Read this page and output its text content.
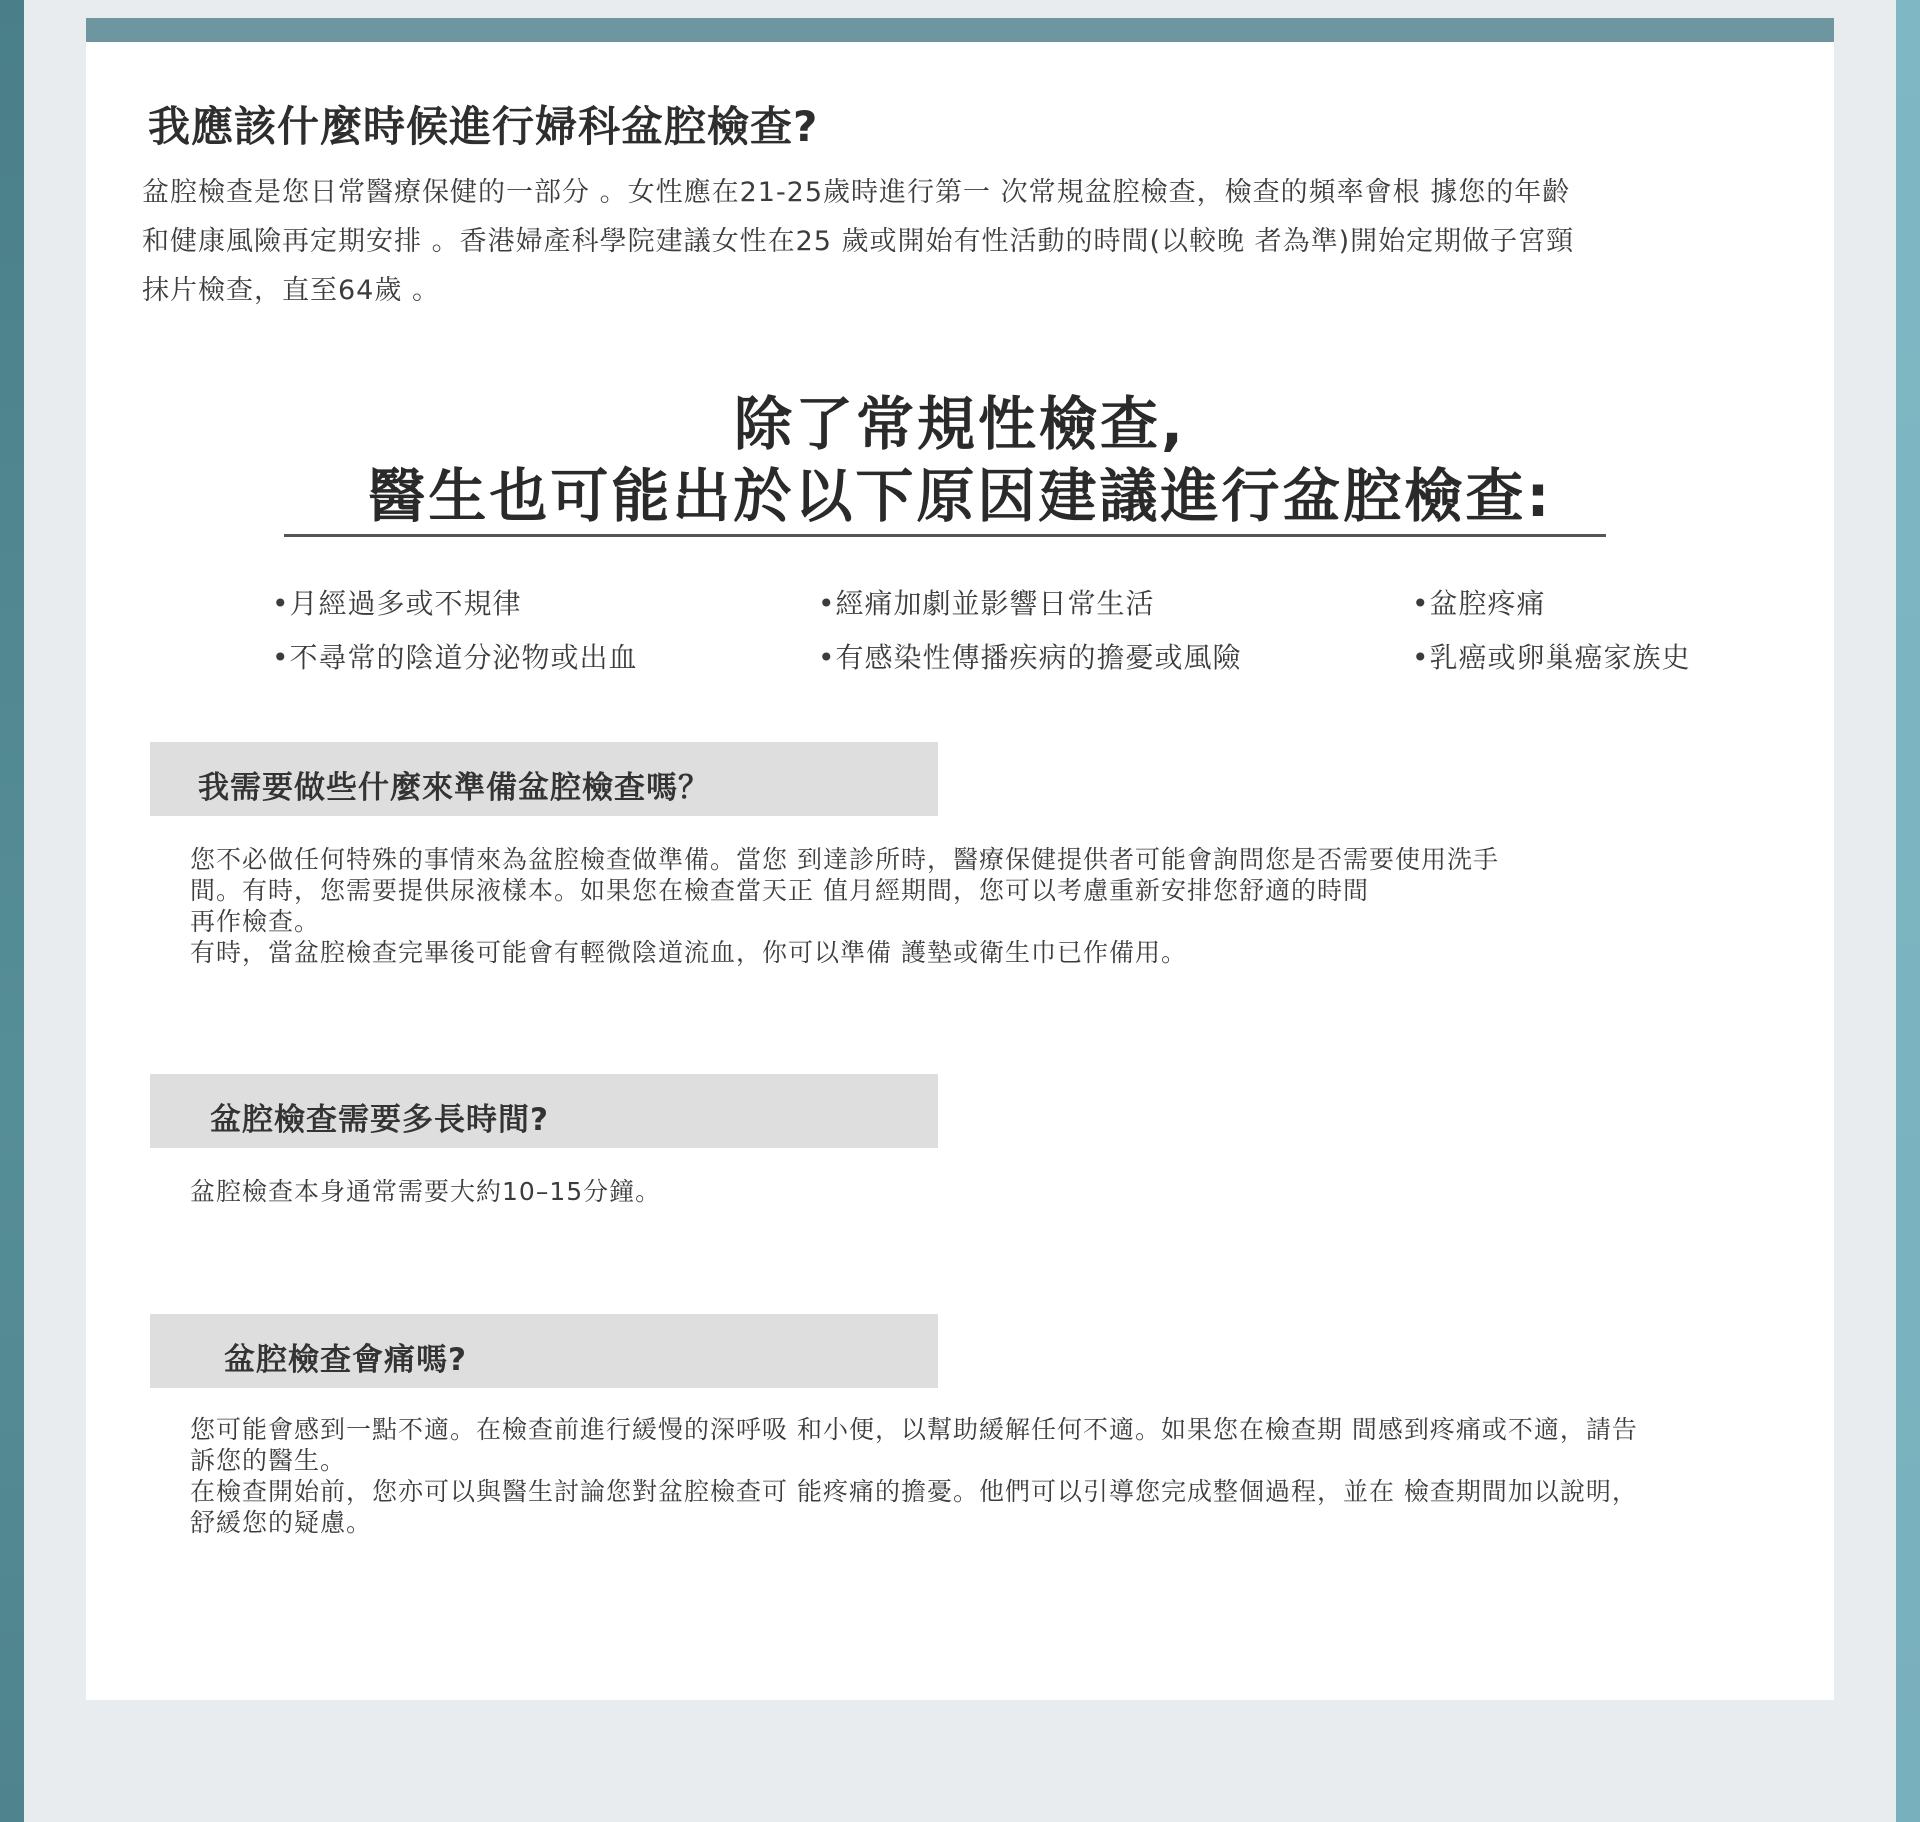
我應該什麼時候進行婦科盆腔檢查?
盆腔檢查是您日常醫療保健的一部分 。女性應在21-25歲時進行第一 次常規盆腔檢查，檢查的頻率會根 據您的年齡
和健康風險再定期安排 。香港婦產科學院建議女性在25 歲或開始有性活動的時間(以較晚 者為準)開始定期做子宮頸
抹片檢查，直至64歲 。
除了常規性檢查,
醫生也可能出於以下原因建議進行盆腔檢查:
•月經過多或不規律
•不尋常的陰道分泌物或出血
•經痛加劇並影響日常生活
•有感染性傳播疾病的擔憂或風險
•盆腔疼痛
•乳癌或卵巢癌家族史
我需要做些什麼來準備盆腔檢查嗎？
您不必做任何特殊的事情來為盆腔檢查做準備。當您 到達診所時，醫療保健提供者可能會詢問您是否需要使用洗手
間。有時，您需要提供尿液樣本。如果您在檢查當天正 值月經期間，您可以考慮重新安排您舒適的時間
再作檢查。
有時，當盆腔檢查完畢後可能會有輕微陰道流血，你可以準備 護墊或衛生巾已作備用。
盆腔檢查需要多長時間?
盆腔檢查本身通常需要大約10–15分鐘。
盆腔檢查會痛嗎?
您可能會感到一點不適。在檢查前進行緩慢的深呼吸 和小便，以幫助緩解任何不適。如果您在檢查期 間感到疼痛或不適，請告
訴您的醫生。
在檢查開始前，您亦可以與醫生討論您對盆腔檢查可 能疼痛的擔憂。他們可以引導您完成整個過程，並在 檢查期間加以說明，
舒緩您的疑慮。
